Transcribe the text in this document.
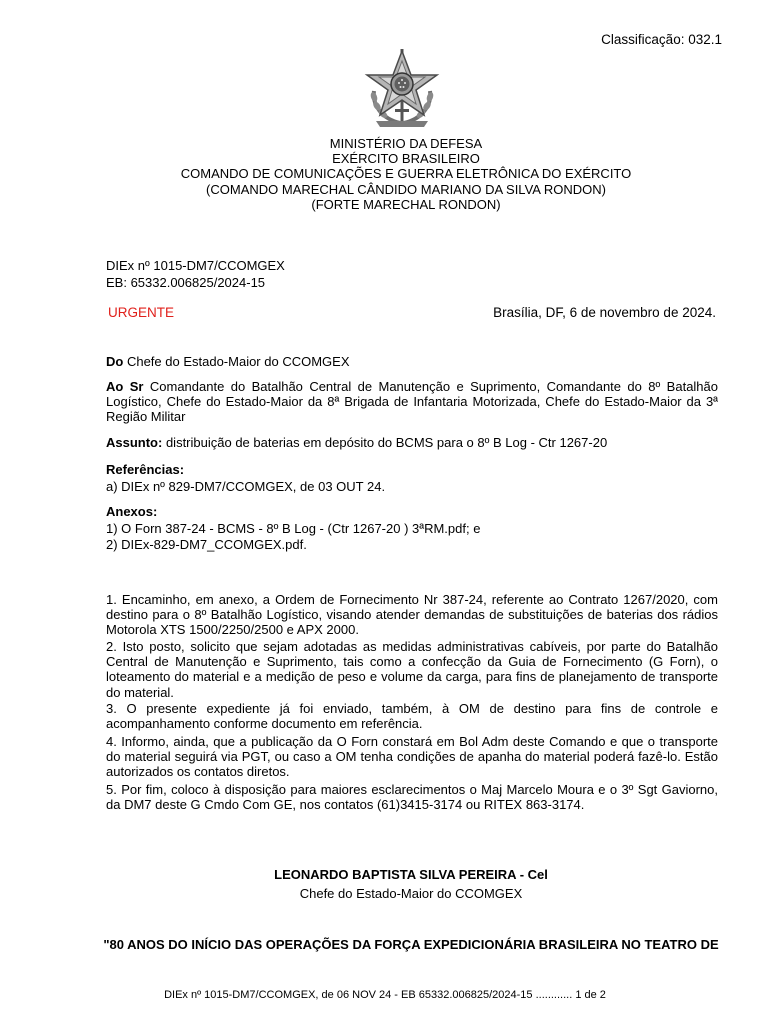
Classificação: 032.1
MINISTÉRIO DA DEFESA
EXÉRCITO BRASILEIRO
COMANDO DE COMUNICAÇÕES E GUERRA ELETRÔNICA DO EXÉRCITO
(COMANDO MARECHAL CÂNDIDO MARIANO DA SILVA RONDON)
(FORTE MARECHAL RONDON)
DIEx nº 1015-DM7/CCOMGEX
EB: 65332.006825/2024-15
URGENTE	Brasília, DF, 6 de novembro de 2024.
Do Chefe do Estado-Maior do CCOMGEX
Ao Sr Comandante do Batalhão Central de Manutenção e Suprimento, Comandante do 8º Batalhão Logístico, Chefe do Estado-Maior da 8ª Brigada de Infantaria Motorizada, Chefe do Estado-Maior da 3ª Região Militar
Assunto: distribuição de baterias em depósito do BCMS para o 8º B Log - Ctr 1267-20
Referências:
a) DIEx nº 829-DM7/CCOMGEX, de 03 OUT 24.
Anexos:
1) O Forn 387-24 - BCMS - 8º B Log - (Ctr 1267-20 ) 3ªRM.pdf; e
2) DIEx-829-DM7_CCOMGEX.pdf.
1. Encaminho, em anexo, a Ordem de Fornecimento Nr 387-24, referente ao Contrato 1267/2020, com destino para o 8º Batalhão Logístico, visando atender demandas de substituições de baterias dos rádios Motorola XTS 1500/2250/2500 e APX 2000.
2. Isto posto, solicito que sejam adotadas as medidas administrativas cabíveis, por parte do Batalhão Central de Manutenção e Suprimento, tais como a confecção da Guia de Fornecimento (G Forn), o loteamento do material e a medição de peso e volume da carga, para fins de planejamento de transporte do material.
3. O presente expediente já foi enviado, também, à OM de destino para fins de controle e acompanhamento conforme documento em referência.
4. Informo, ainda, que a publicação da O Forn constará em Bol Adm deste Comando e que o transporte do material seguirá via PGT, ou caso a OM tenha condições de apanha do material poderá fazê-lo. Estão autorizados os contatos diretos.
5. Por fim, coloco à disposição para maiores esclarecimentos o Maj Marcelo Moura e o 3º Sgt Gaviorno, da DM7 deste G Cmdo Com GE, nos contatos (61)3415-3174 ou RITEX 863-3174.
LEONARDO BAPTISTA SILVA PEREIRA - Cel
Chefe do Estado-Maior do CCOMGEX
"80 ANOS DO INÍCIO DAS OPERAÇÕES DA FORÇA EXPEDICIONÁRIA BRASILEIRA NO TEATRO DE
DIEx nº 1015-DM7/CCOMGEX, de 06 NOV 24 - EB 65332.006825/2024-15 ............ 1 de 2
